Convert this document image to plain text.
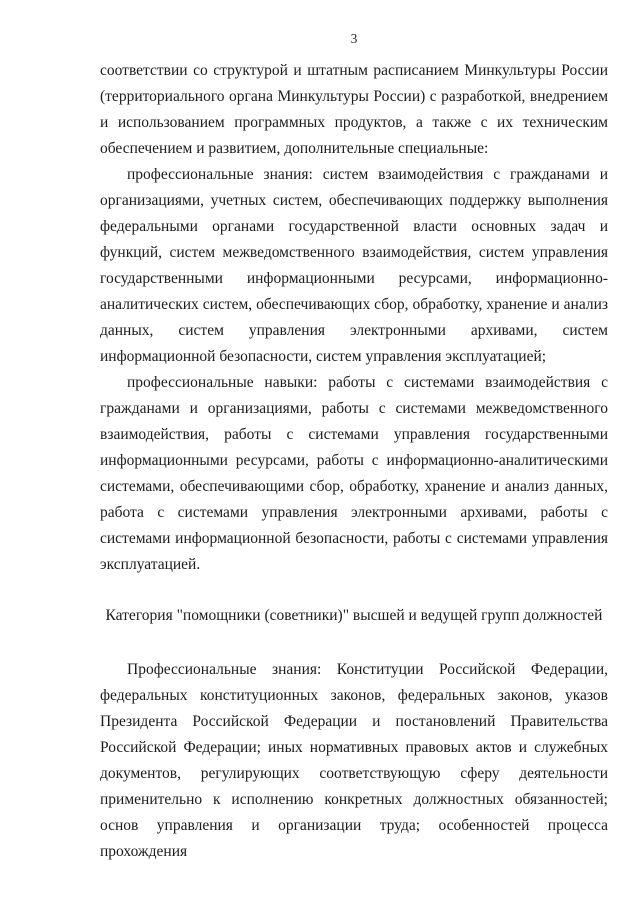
3

соответствии со структурой и штатным расписанием Минкультуры России (территориального органа Минкультуры России) с разработкой, внедрением и использованием программных продуктов, а также с их техническим обеспечением и развитием, дополнительные специальные:

профессиональные знания: систем взаимодействия с гражданами и организациями, учетных систем, обеспечивающих поддержку выполнения федеральными органами государственной власти основных задач и функций, систем межведомственного взаимодействия, систем управления государственными информационными ресурсами, информационно-аналитических систем, обеспечивающих сбор, обработку, хранение и анализ данных, систем управления электронными архивами, систем информационной безопасности, систем управления эксплуатацией;

профессиональные навыки: работы с системами взаимодействия с гражданами и организациями, работы с системами межведомственного взаимодействия, работы с системами управления государственными информационными ресурсами, работы с информационно-аналитическими системами, обеспечивающими сбор, обработку, хранение и анализ данных, работа с системами управления электронными архивами, работы с системами информационной безопасности, работы с системами управления эксплуатацией.

Категория "помощники (советники)" высшей и ведущей групп должностей

Профессиональные знания: Конституции Российской Федерации, федеральных конституционных законов, федеральных законов, указов Президента Российской Федерации и постановлений Правительства Российской Федерации; иных нормативных правовых актов и служебных документов, регулирующих соответствующую сферу деятельности применительно к исполнению конкретных должностных обязанностей; основ управления и организации труда; особенностей процесса прохождения
